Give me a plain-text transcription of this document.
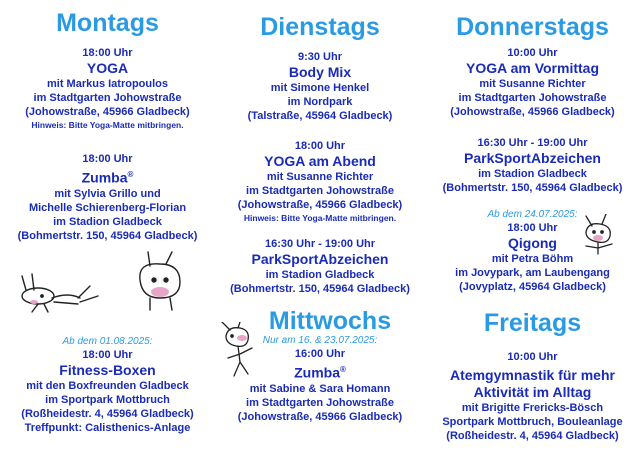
Montags
18:00 Uhr
YOGA
mit Markus Iatropoulos
im Stadtgarten Johowstraße
(Johowstraße, 45966 Gladbeck)
Hinweis: Bitte Yoga-Matte mitbringen.
18:00 Uhr
Zumba®
mit Sylvia Grillo und
Michelle Schierenberg-Florian
im Stadion Gladbeck
(Bohmertstr. 150, 45964 Gladbeck)
Ab dem 01.08.2025:
18:00 Uhr
Fitness-Boxen
mit den Boxfreunden Gladbeck
im Sportpark Mottbruch
(Roßheidestr. 4, 45964 Gladbeck)
Treffpunkt: Calisthenics-Anlage
Dienstags
9:30 Uhr
Body Mix
mit Simone Henkel
im Nordpark
(Talstraße, 45964 Gladbeck)
18:00 Uhr
YOGA am Abend
mit Susanne Richter
im Stadtgarten Johowstraße
(Johowstraße, 45966 Gladbeck)
Hinweis: Bitte Yoga-Matte mitbringen.
16:30 Uhr - 19:00 Uhr
ParkSportAbzeichen
im Stadion Gladbeck
(Bohmertstr. 150, 45964 Gladbeck)
Mittwochs
Nur am 16. & 23.07.2025:
16:00 Uhr
Zumba®
mit Sabine & Sara Homann
im Stadtgarten Johowstraße
(Johowstraße, 45966 Gladbeck)
Donnerstags
10:00 Uhr
YOGA am Vormittag
mit Susanne Richter
im Stadtgarten Johowstraße
(Johowstraße, 45966 Gladbeck)
16:30 Uhr - 19:00 Uhr
ParkSportAbzeichen
im Stadion Gladbeck
(Bohmertstr. 150, 45964 Gladbeck)
Ab dem 24.07.2025:
18:00 Uhr
Qigong
mit Petra Böhm
im Jovypark, am Laubengang
(Jovyplatz, 45964 Gladbeck)
Freitags
10:00 Uhr
Atemgymnastik für mehr
Aktivität im Alltag
mit Brigitte Frericks-Bösch
Sportpark Mottbruch, Bouleanlage
(Roßheidestr. 4, 45964 Gladbeck)
